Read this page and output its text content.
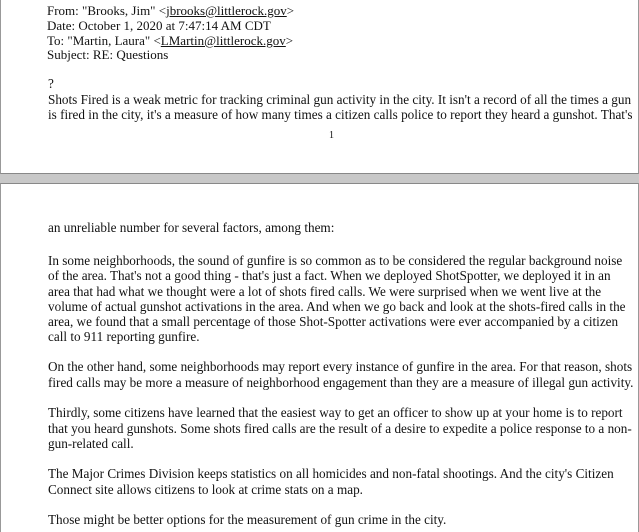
From: "Brooks, Jim" <jbrooks@littlerock.gov>
Date: October 1, 2020 at 7:47:14 AM CDT
To: "Martin, Laura" <LMartin@littlerock.gov>
Subject: RE: Questions
?
Shots Fired is a weak metric for tracking criminal gun activity in the city. It isn't a record of all the times a gun
is fired in the city, it's a measure of how many times a citizen calls police to report they heard a gunshot. That's
1
an unreliable number for several factors, among them:
In some neighborhoods, the sound of gunfire is so common as to be considered the regular background noise
of the area. That's not a good thing - that's just a fact. When we deployed ShotSpotter, we deployed it in an
area that had what we thought were a lot of shots fired calls. We were surprised when we went live at the
volume of actual gunshot activations in the area. And when we go back and look at the shots-fired calls in the
area, we found that a small percentage of those Shot-Spotter activations were ever accompanied by a citizen
call to 911 reporting gunfire.
On the other hand, some neighborhoods may report every instance of gunfire in the area. For that reason, shots
fired calls may be more a measure of neighborhood engagement than they are a measure of illegal gun activity.
Thirdly, some citizens have learned that the easiest way to get an officer to show up at your home is to report
that you heard gunshots. Some shots fired calls are the result of a desire to expedite a police response to a non-
gun-related call.
The Major Crimes Division keeps statistics on all homicides and non-fatal shootings. And the city's Citizen
Connect site allows citizens to look at crime stats on a map.
Those might be better options for the measurement of gun crime in the city.
